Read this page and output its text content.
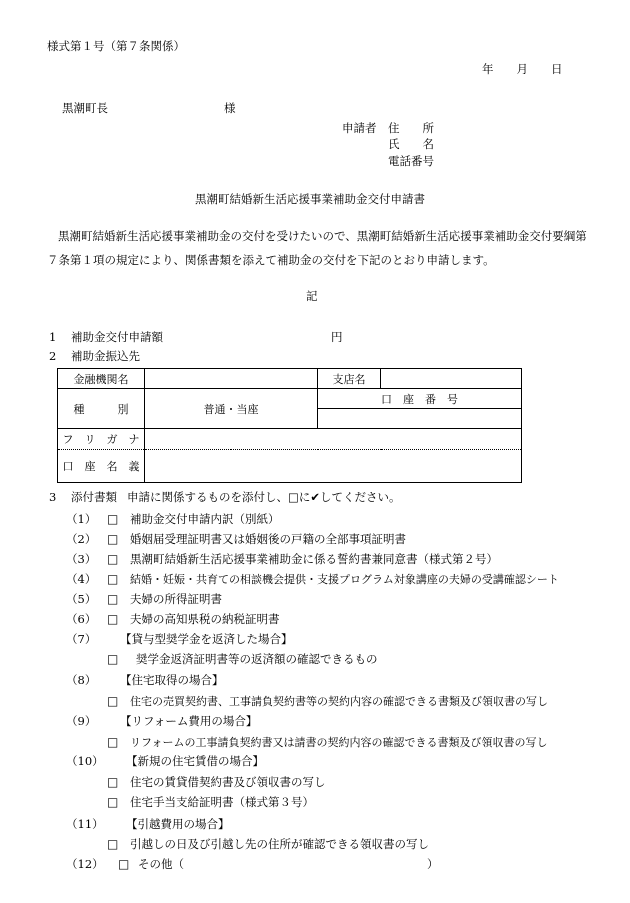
様式第１号（第７条関係）
年　　月　　日
黒潮町長	様
申請者 住　　所
氏　　名
電話番号
黒潮町結婚新生活応援事業補助金交付申請書
黒潮町結婚新生活応援事業補助金の交付を受けたいので、黒潮町結婚新生活応援事業補助金交付要綱第７条第１項の規定により、関係書類を添えて補助金の交付を下記のとおり申請します。
記
1 補助金交付申請額	円
2 補助金振込先
金融機関名		支店名	
種　　　別	普通・当座	口　座　番　号	

フ　リ　ガ　ナ			
口　座　名　義			
3 添付書類 申請に関係するものを添付し、□に✔してください。
（1） □ 補助金交付申請内訳（別紙）
（2） □ 婚姻届受理証明書又は婚姻後の戸籍の全部事項証明書
（3） □ 黒潮町結婚新生活応援事業補助金に係る誓約書兼同意書（様式第２号）
（4） □ 結婚・妊娠・共育ての相談機会提供・支援プログラム対象講座の夫婦の受講確認シート
（5） □ 夫婦の所得証明書
（6） □ 夫婦の高知県税の納税証明書
（7） 【貸与型奨学金を返済した場合】
□ 奨学金返済証明書等の返済額の確認できるもの
（8） 【住宅取得の場合】
□ 住宅の売買契約書、工事請負契約書等の契約内容の確認できる書類及び領収書の写し
（9） 【リフォーム費用の場合】
□ リフォームの工事請負契約書又は請書の契約内容の確認できる書類及び領収書の写し
（10） 【新規の住宅賃借の場合】
□ 住宅の賃貸借契約書及び領収書の写し
□ 住宅手当支給証明書（様式第３号）
（11） 【引越費用の場合】
□ 引越しの日及び引越し先の住所が確認できる領収書の写し
（12） □ その他（	）
